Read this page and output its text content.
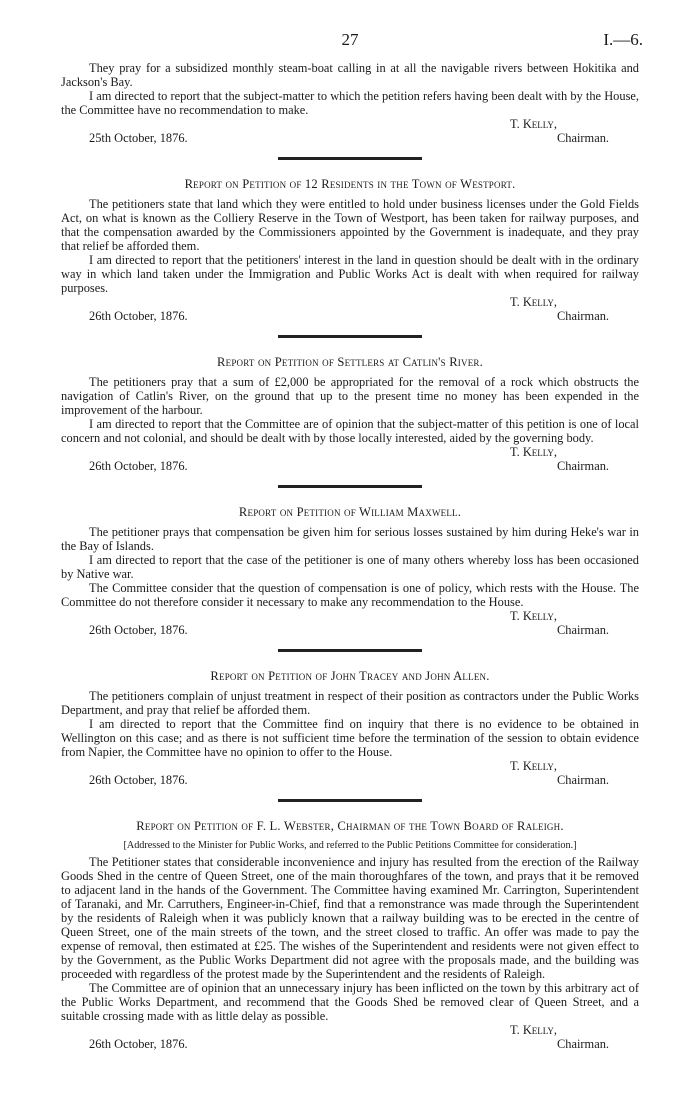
27	I.—6.

They pray for a subsidized monthly steam-boat calling in at all the navigable rivers between Hokitika and Jackson's Bay.

I am directed to report that the subject-matter to which the petition refers having been dealt with by the House, the Committee have no recommendation to make.

T. Kelly,
25th October, 1876.	Chairman.
Report on Petition of 12 Residents in the Town of Westport.

The petitioners state that land which they were entitled to hold under business licenses under the Gold Fields Act, on what is known as the Colliery Reserve in the Town of Westport, has been taken for railway purposes, and that the compensation awarded by the Commissioners appointed by the Government is inadequate, and they pray that relief be afforded them.

I am directed to report that the petitioners' interest in the land in question should be dealt with in the ordinary way in which land taken under the Immigration and Public Works Act is dealt with when required for railway purposes.

T. Kelly,
26th October, 1876.	Chairman.
Report on Petition of Settlers at Catlin's River.

The petitioners pray that a sum of £2,000 be appropriated for the removal of a rock which obstructs the navigation of Catlin's River, on the ground that up to the present time no money has been expended in the improvement of the harbour.

I am directed to report that the Committee are of opinion that the subject-matter of this petition is one of local concern and not colonial, and should be dealt with by those locally interested, aided by the governing body.

T. Kelly,
26th October, 1876.	Chairman.
Report on Petition of William Maxwell.

The petitioner prays that compensation be given him for serious losses sustained by him during Heke's war in the Bay of Islands.

I am directed to report that the case of the petitioner is one of many others whereby loss has been occasioned by Native war.

The Committee consider that the question of compensation is one of policy, which rests with the House. The Committee do not therefore consider it necessary to make any recommendation to the House.

T. Kelly,
26th October, 1876.	Chairman.
Report on Petition of John Tracey and John Allen.

The petitioners complain of unjust treatment in respect of their position as contractors under the Public Works Department, and pray that relief be afforded them.

I am directed to report that the Committee find on inquiry that there is no evidence to be obtained in Wellington on this case; and as there is not sufficient time before the termination of the session to obtain evidence from Napier, the Committee have no opinion to offer to the House.

T. Kelly,
26th October, 1876.	Chairman.
Report on Petition of F. L. Webster, Chairman of the Town Board of Raleigh.
[Addressed to the Minister for Public Works, and referred to the Public Petitions Committee for consideration.]

The Petitioner states that considerable inconvenience and injury has resulted from the erection of the Railway Goods Shed in the centre of Queen Street, one of the main thoroughfares of the town, and prays that it be removed to adjacent land in the hands of the Government. The Committee having examined Mr. Carrington, Superintendent of Taranaki, and Mr. Carruthers, Engineer-in-Chief, find that a remonstrance was made through the Superintendent by the residents of Raleigh when it was publicly known that a railway building was to be erected in the centre of Queen Street, one of the main streets of the town, and the street closed to traffic. An offer was made to pay the expense of removal, then estimated at £25. The wishes of the Superintendent and residents were not given effect to by the Government, as the Public Works Department did not agree with the proposals made, and the building was proceeded with regardless of the protest made by the Superintendent and the residents of Raleigh.

The Committee are of opinion that an unnecessary injury has been inflicted on the town by this arbitrary act of the Public Works Department, and recommend that the Goods Shed be removed clear of Queen Street, and a suitable crossing made with as little delay as possible.

T. Kelly,
26th October, 1876.	Chairman.
